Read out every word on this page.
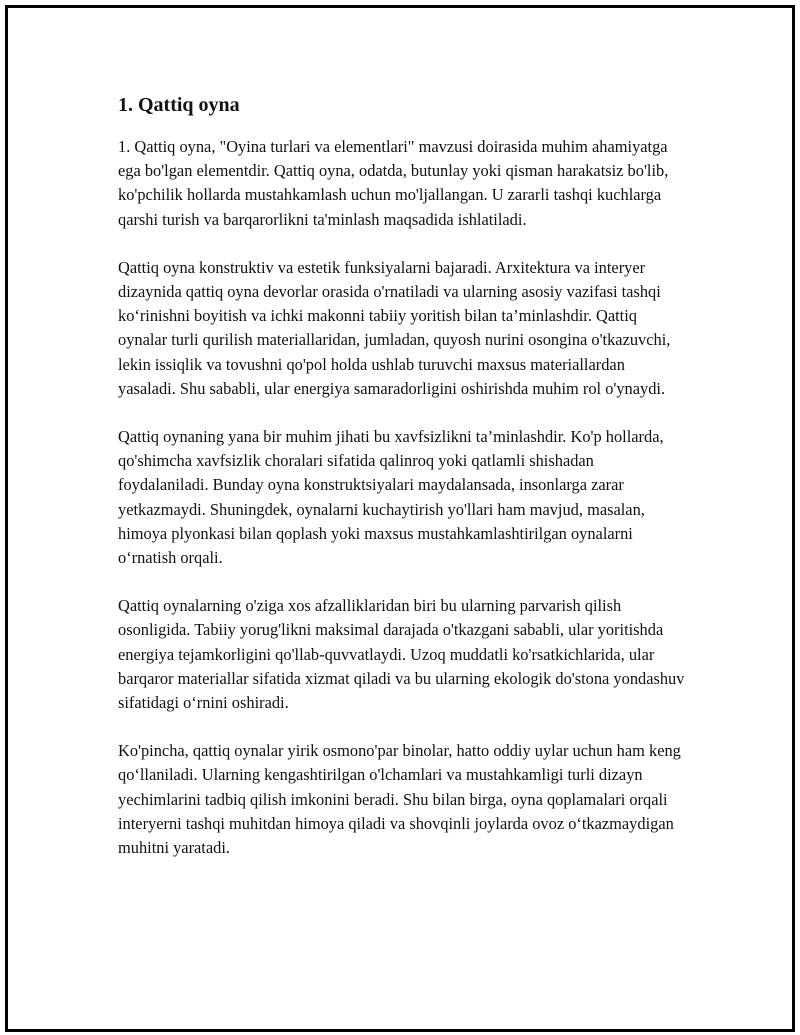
1. Qattiq oyna

1. Qattiq oyna, "Oyina turlari va elementlari" mavzusi doirasida muhim ahamiyatga ega bo'lgan elementdir. Qattiq oyna, odatda, butunlay yoki qisman harakatsiz bo'lib, ko'pchilik hollarda mustahkamlash uchun mo'ljallangan. U zararli tashqi kuchlarga qarshi turish va barqarorlikni ta'minlash maqsadida ishlatiladi.

Qattiq oyna konstruktiv va estetik funksiyalarni bajaradi. Arxitektura va interyer dizaynida qattiq oyna devorlar orasida o'rnatiladi va ularning asosiy vazifasi tashqi ko‘rinishni boyitish va ichki makonni tabiiy yoritish bilan ta’minlashdir. Qattiq oynalar turli qurilish materiallaridan, jumladan, quyosh nurini osongina o'tkazuvchi, lekin issiqlik va tovushni qo'pol holda ushlab turuvchi maxsus materiallardan yasaladi. Shu sababli, ular energiya samaradorligini oshirishda muhim rol o'ynaydi.

Qattiq oynaning yana bir muhim jihati bu xavfsizlikni ta’minlashdir. Ko'p hollarda, qo'shimcha xavfsizlik choralari sifatida qalinroq yoki qatlamli shishadan foydalaniladi. Bunday oyna konstruktsiyalari maydalansada, insonlarga zarar yetkazmaydi. Shuningdek, oynalarni kuchaytirish yo'llari ham mavjud, masalan, himoya plyonkasi bilan qoplash yoki maxsus mustahkamlashtirilgan oynalarni o‘rnatish orqali.

Qattiq oynalarning o'ziga xos afzalliklaridan biri bu ularning parvarish qilish osonligida. Tabiiy yorug'likni maksimal darajada o'tkazgani sababli, ular yoritishda energiya tejamkorligini qo'llab-quvvatlaydi. Uzoq muddatli ko'rsatkichlarida, ular barqaror materiallar sifatida xizmat qiladi va bu ularning ekologik do'stona yondashuv sifatidagi o‘rnini oshiradi.

Ko'pincha, qattiq oynalar yirik osmono'par binolar, hatto oddiy uylar uchun ham keng qo‘llaniladi. Ularning kengashtirilgan o'lchamlari va mustahkamligi turli dizayn yechimlarini tadbiq qilish imkonini beradi. Shu bilan birga, oyna qoplamalari orqali interyerni tashqi muhitdan himoya qiladi va shovqinli joylarda ovoz o‘tkazmaydigan muhitni yaratadi.
